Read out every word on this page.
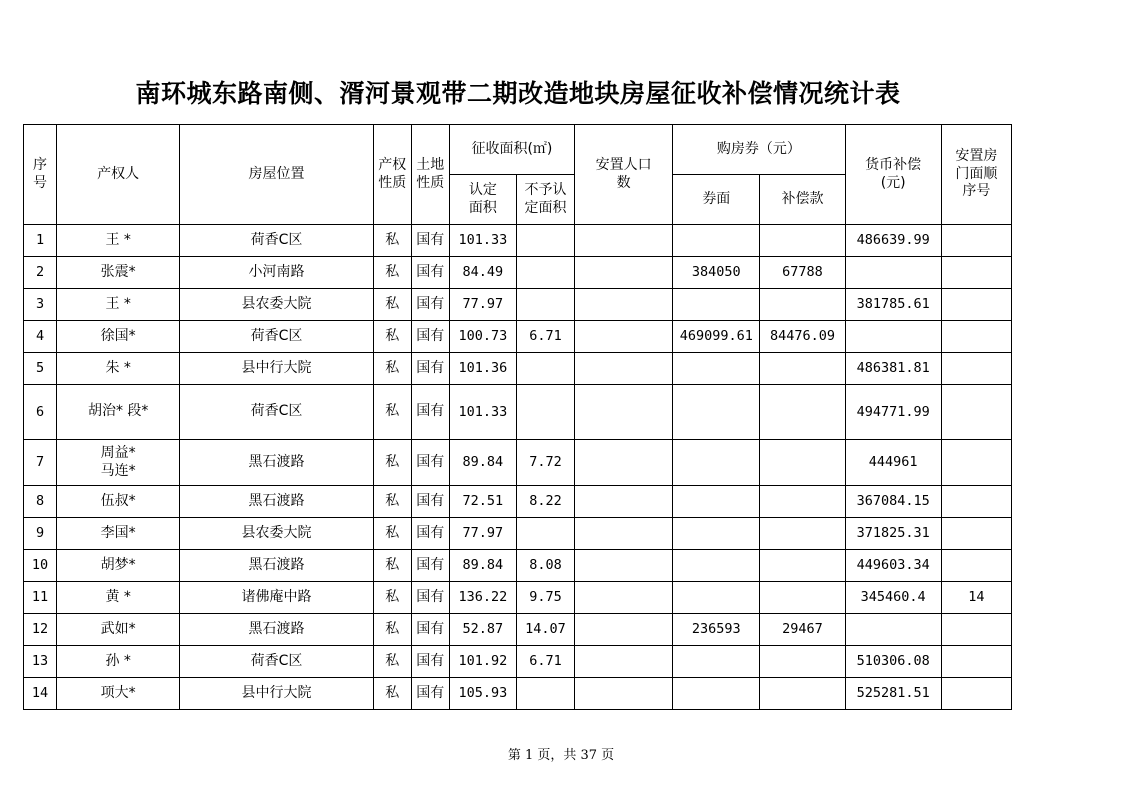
南环城东路南侧、湑河景观带二期改造地块房屋征收补偿情况统计表
序号	产权人	房屋位置	产权性质	土地性质	征收面积(㎡)		安置人口数	购房券（元）		货币补偿(元)	安置房门面顺序号
					认定面积	不予认定面积		券面	补偿款		
1	王 *	荷香C区	私	国有	101.33					486639.99	
2	张震*	小河南路	私	国有	84.49			384050	67788		
3	王 *	县农委大院	私	国有	77.97					381785.61	
4	徐国*	荷香C区	私	国有	100.73	6.71		469099.61	84476.09		
5	朱 *	县中行大院	私	国有	101.36					486381.81	
6	胡治* 段*	荷香C区	私	国有	101.33					494771.99	
7	周益*
马连*	黑石渡路	私	国有	89.84	7.72				444961	
8	伍叔*	黑石渡路	私	国有	72.51	8.22				367084.15	
9	李国*	县农委大院	私	国有	77.97					371825.31	
10	胡梦*	黑石渡路	私	国有	89.84	8.08				449603.34	
11	黄 *	诸佛庵中路	私	国有	136.22	9.75				345460.4	14
12	武如*	黑石渡路	私	国有	52.87	14.07		236593	29467		
13	孙 *	荷香C区	私	国有	101.92	6.71				510306.08	
14	项大*	县中行大院	私	国有	105.93					525281.51	
第 1 页，共 37 页
